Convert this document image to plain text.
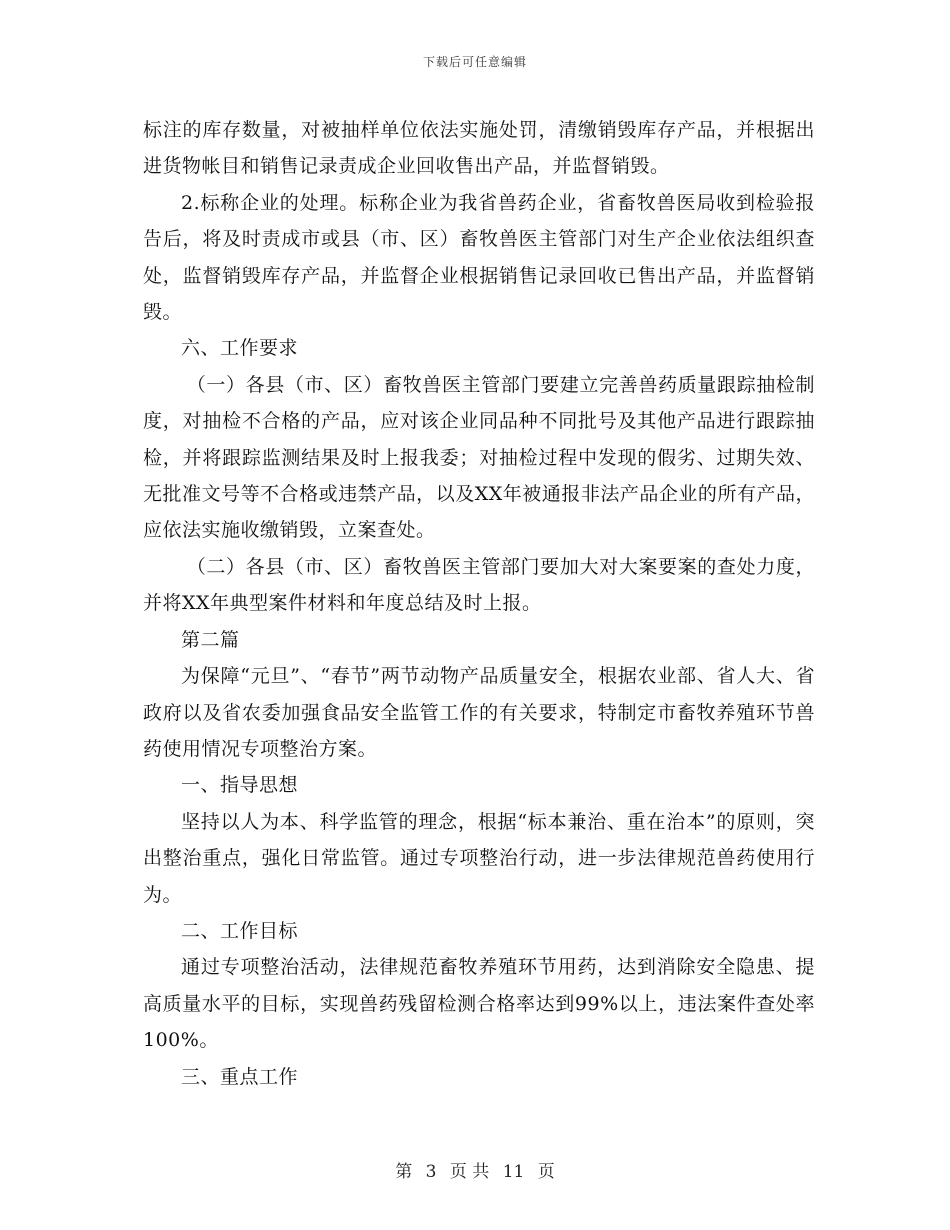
下载后可任意编辑

标注的库存数量，对被抽样单位依法实施处罚，清缴销毁库存产品，并根据出进货物帐目和销售记录责成企业回收售出产品，并监督销毁。

2.标称企业的处理。标称企业为我省兽药企业，省畜牧兽医局收到检验报告后，将及时责成市或县（市、区）畜牧兽医主管部门对生产企业依法组织查处，监督销毁库存产品，并监督企业根据销售记录回收已售出产品，并监督销毁。

六、工作要求

（一）各县（市、区）畜牧兽医主管部门要建立完善兽药质量跟踪抽检制度，对抽检不合格的产品，应对该企业同品种不同批号及其他产品进行跟踪抽检，并将跟踪监测结果及时上报我委；对抽检过程中发现的假劣、过期失效、无批准文号等不合格或违禁产品，以及XX年被通报非法产品企业的所有产品，应依法实施收缴销毁，立案查处。

（二）各县（市、区）畜牧兽医主管部门要加大对大案要案的查处力度，并将XX年典型案件材料和年度总结及时上报。

第二篇

为保障“元旦”、“春节”两节动物产品质量安全，根据农业部、省人大、省政府以及省农委加强食品安全监管工作的有关要求，特制定市畜牧养殖环节兽药使用情况专项整治方案。

一、指导思想

坚持以人为本、科学监管的理念，根据“标本兼治、重在治本”的原则，突出整治重点，强化日常监管。通过专项整治行动，进一步法律规范兽药使用行为。

二、工作目标

通过专项整治活动，法律规范畜牧养殖环节用药，达到消除安全隐患、提高质量水平的目标，实现兽药残留检测合格率达到99%以上，违法案件查处率100%。

三、重点工作

第 3 页 共 11 页
